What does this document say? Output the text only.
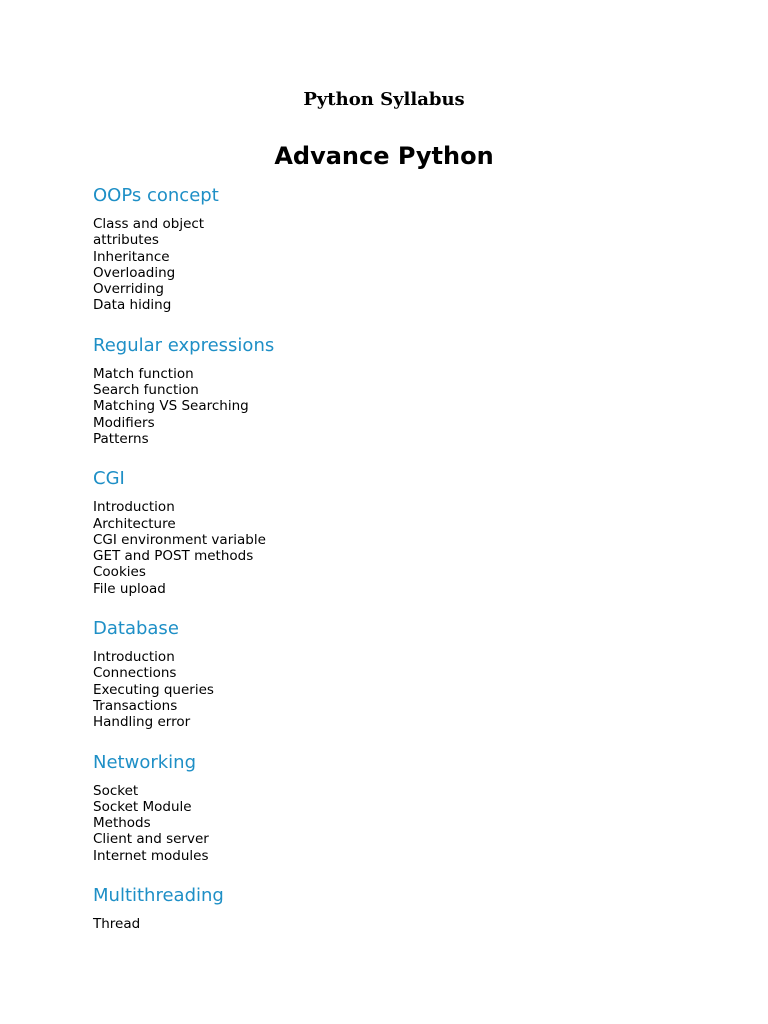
Python Syllabus
Advance Python
OOPs concept
Class and object
attributes
Inheritance
Overloading
Overriding
Data hiding
Regular expressions
Match function
Search function
Matching VS Searching
Modifiers
Patterns
CGI
Introduction
Architecture
CGI environment variable
GET and POST methods
Cookies
File upload
Database
Introduction
Connections
Executing queries
Transactions
Handling error
Networking
Socket
Socket Module
Methods
Client and server
Internet modules
Multithreading
Thread
